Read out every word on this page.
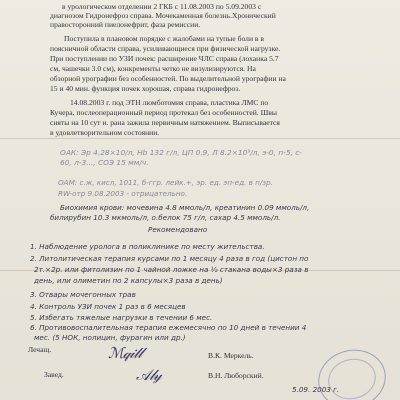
в урологическом отделении 2 ГКБ с 11.08.2003 по 5.09.2003 с
диагнозом Гидронефроз справа. Мочекаменная болезнь.Хронический
правосторонний пиелонефрит, фаза ремиссии.
Поступила в плановом порядке с жалобами на тупые боли в в
поясничной области справа, усиливающиеся при физической нагрузке.
При поступлении по УЗИ почек: расширение ЧЛС справа (лоханка 5.7
см, чашечки 3.0 см), конкременты четко не визулизируются. На
обзорной урографии без особенностей. По выделительной урографии на
15 и 40 мин. функция почек хорошая, справа гидронефроз.
14.08.2003 г. под ЭТН люмботомия справа, пластика ЛМС по
Кучера, послеоперационный период протекал без особенностей. Швы
сняты на 10 сут и. рана зажила первичным натяжением. Выписывается
в удовлетворительном состоянии.
ОАК: Эр 4.28×10/л, Нb 132 г/л, ЦП 0.9, Л 8.2×10⁹/л, э-0, п-5, с-
60, л-3..., СОЭ 15 мм/ч.
ОАМ: с.ж, кисл, 1011, б-ггр. лейк.+, эр. ед. эп-ед. в п/зр.
RW-отр 9.08.2003 - отрицательно.
Биохимия крови: мочевина 4.8 ммоль/л, креатинин 0.09 ммоль/л,
билирубин 10.3 мкмоль/л, о.белок 75 г/л, сахар 4.5 ммоль/л.
Рекомендовано
1. Наблюдение уролога в поликлинике по месту жительства.
2. Литолитическая терапия курсами по 1 месяцу 4 раза в год (цистон по
2т.×2р. или фитолизин по 1 чайной ложке на ½ стакана воды×3 раза в
день, или олиметин по 2 капсулы×3 раза в день)
3. Отвары мочегонных трав
4. Контроль УЗИ почек 1 раз в 6 месяцев
5. Избегать тяжелые нагрузки в течении 6 мес.
6. Противовоспалительная терапия ежемесячно по 10 дней в течении 4
мес. (5 НОК, нолицин, фурагин или др.)
Лечащ.	ℳ𝓆𝒾𝓁𝓁	В.К. Меркель.
Завед.	𝒜𝓁𝓎	В.Н. Люборский.
5.09. 2003 г.
